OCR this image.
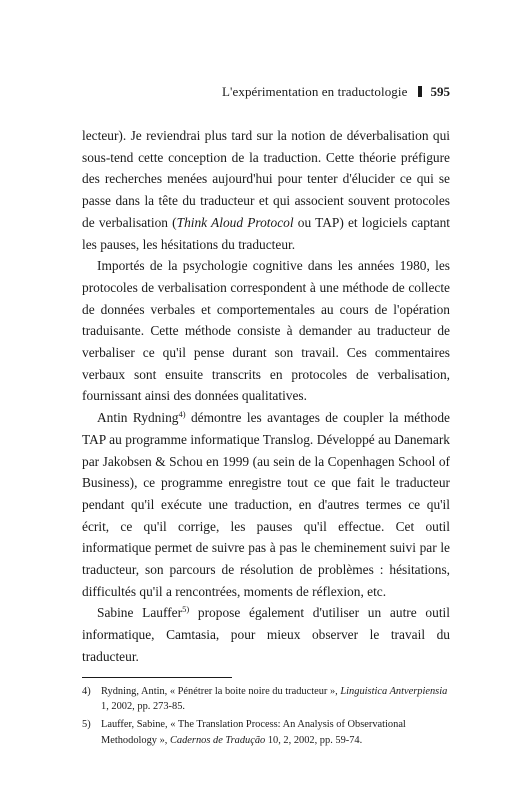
L'expérimentation en traductologie 595

lecteur). Je reviendrai plus tard sur la notion de déverbalisation qui sous-tend cette conception de la traduction. Cette théorie préfigure des recherches menées aujourd'hui pour tenter d'élucider ce qui se passe dans la tête du traducteur et qui associent souvent protocoles de verbalisation (Think Aloud Protocol ou TAP) et logiciels captant les pauses, les hésitations du traducteur.

Importés de la psychologie cognitive dans les années 1980, les protocoles de verbalisation correspondent à une méthode de collecte de données verbales et comportementales au cours de l'opération traduisante. Cette méthode consiste à demander au traducteur de verbaliser ce qu'il pense durant son travail. Ces commentaires verbaux sont ensuite transcrits en protocoles de verbalisation, fournissant ainsi des données qualitatives.

Antin Rydning$^{4)}$ démontre les avantages de coupler la méthode TAP au programme informatique Translog. Développé au Danemark par Jakobsen & Schou en 1999 (au sein de la Copenhagen School of Business), ce programme enregistre tout ce que fait le traducteur pendant qu'il exécute une traduction, en d'autres termes ce qu'il écrit, ce qu'il corrige, les pauses qu'il effectue. Cet outil informatique permet de suivre pas à pas le cheminement suivi par le traducteur, son parcours de résolution de problèmes : hésitations, difficultés qu'il a rencontrées, moments de réflexion, etc.

Sabine Lauffer$^{5)}$ propose également d'utiliser un autre outil informatique, Camtasia, pour mieux observer le travail du traducteur.

4) Rydning, Antin, « Pénétrer la boite noire du traducteur », Linguistica Antverpiensia 1, 2002, pp. 273-85.
5) Lauffer, Sabine, « The Translation Process: An Analysis of Observational Methodology », Cadernos de Tradução 10, 2, 2002, pp. 59-74.
